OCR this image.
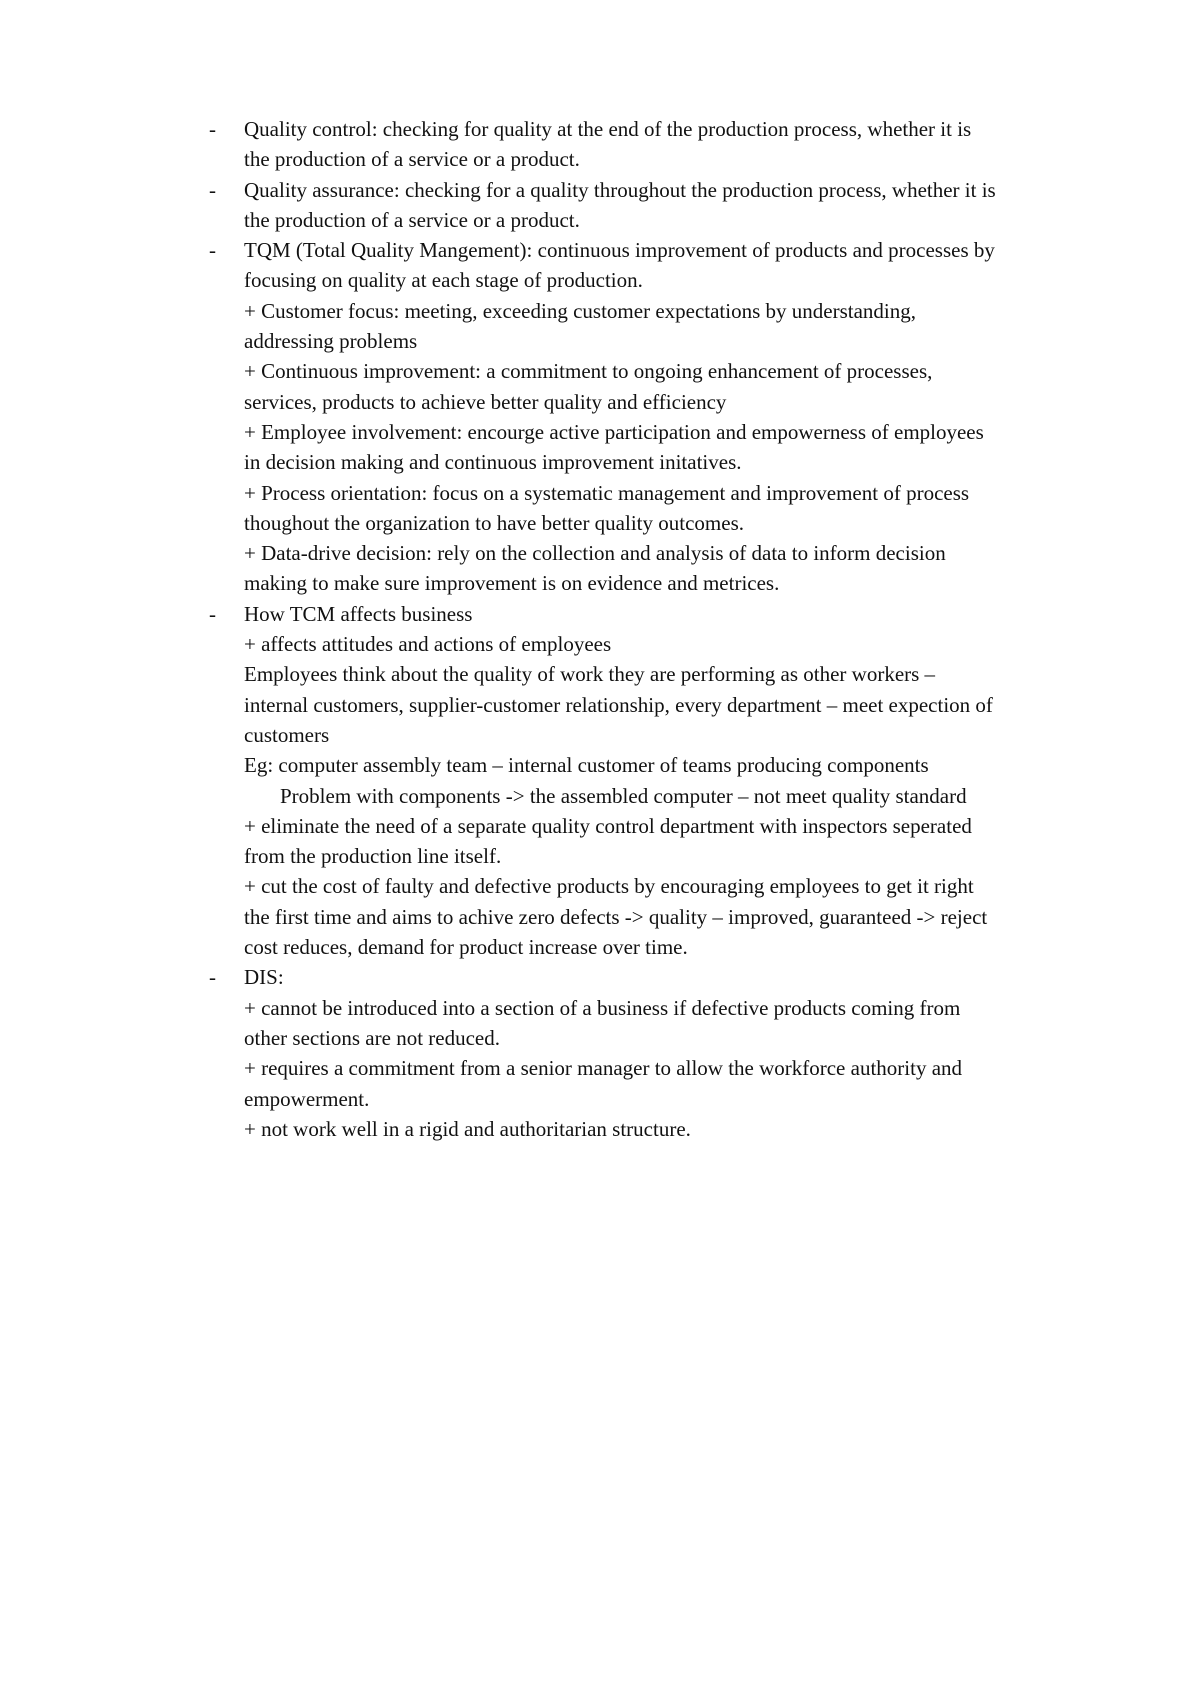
- Quality control: checking for quality at the end of the production process, whether it is
the production of a service or a product.
- Quality assurance: checking for a quality throughout the production process, whether it is
the production of a service or a product.
- TQM (Total Quality Mangement): continuous improvement of products and processes by
focusing on quality at each stage of production.
+ Customer focus: meeting, exceeding customer expectations by understanding,
addressing problems
+ Continuous improvement: a commitment to ongoing enhancement of processes,
services, products to achieve better quality and efficiency
+ Employee involvement: encourge active participation and empowerness of employees
in decision making and continuous improvement initatives.
+ Process orientation: focus on a systematic management and improvement of process
thoughout the organization to have better quality outcomes.
+ Data-drive decision: rely on the collection and analysis of data to inform decision
making to make sure improvement is on evidence and metrices.
- How TCM affects business
+ affects attitudes and actions of employees
Employees think about the quality of work they are performing as other workers –
internal customers, supplier-customer relationship, every department – meet expection of
customers
Eg: computer assembly team – internal customer of teams producing components
Problem with components -> the assembled computer – not meet quality standard
+ eliminate the need of a separate quality control department with inspectors seperated
from the production line itself.
+ cut the cost of faulty and defective products by encouraging employees to get it right
the first time and aims to achive zero defects -> quality – improved, guaranteed -> reject
cost reduces, demand for product increase over time.
- DIS:
+ cannot be introduced into a section of a business if defective products coming from
other sections are not reduced.
+ requires a commitment from a senior manager to allow the workforce authority and
empowerment.
+ not work well in a rigid and authoritarian structure.
